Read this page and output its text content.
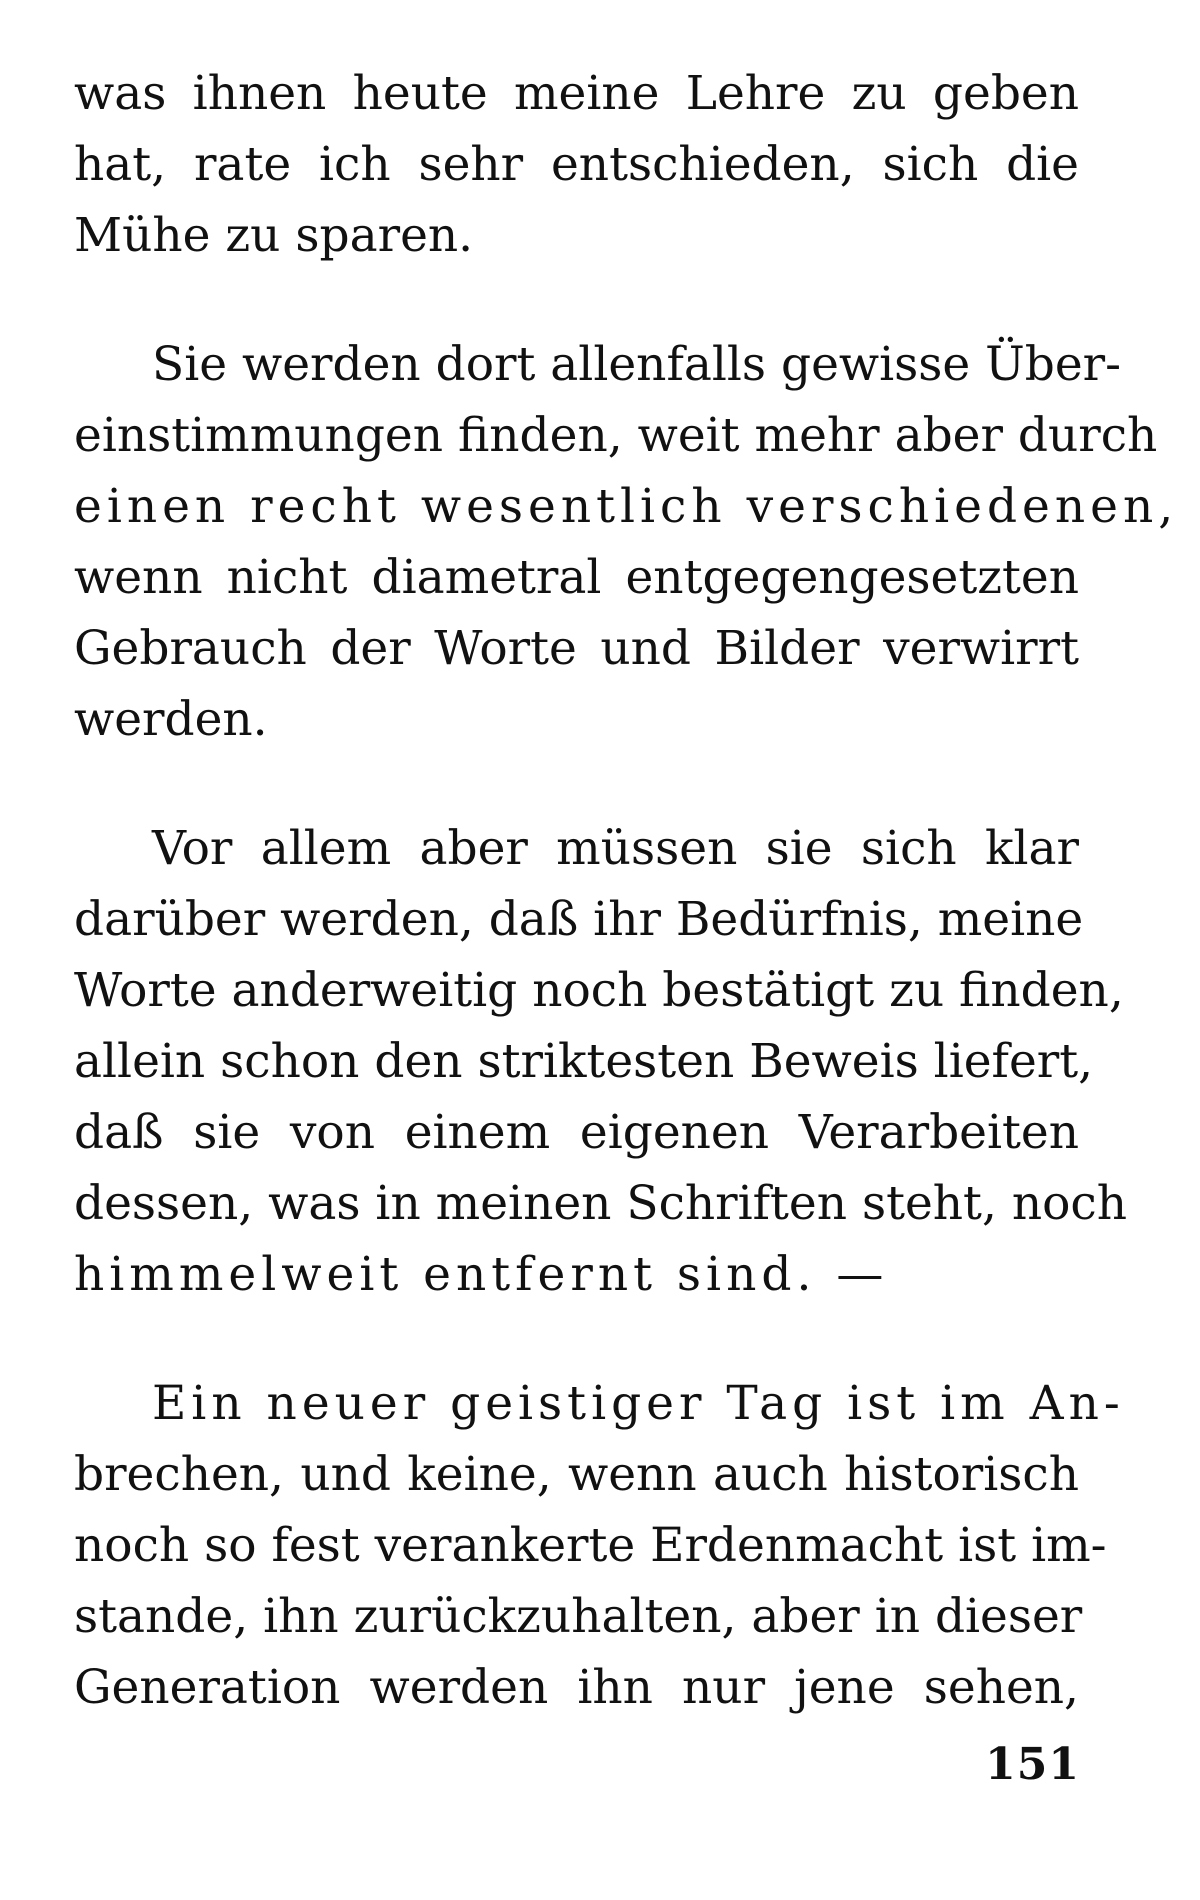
was ihnen heute meine Lehre zu geben
hat, rate ich sehr entschieden, sich die
Mühe zu sparen.

Sie werden dort allenfalls gewisse Über-
einstimmungen finden, weit mehr aber durch
einen recht wesentlich verschiedenen,
wenn nicht diametral entgegengesetzten
Gebrauch der Worte und Bilder verwirrt
werden.

Vor allem aber müssen sie sich klar
darüber werden, daß ihr Bedürfnis, meine
Worte anderweitig noch bestätigt zu finden,
allein schon den striktesten Beweis liefert,
daß sie von einem eigenen Verarbeiten
dessen, was in meinen Schriften steht, noch
himmelweit entfernt sind. —

Ein neuer geistiger Tag ist im An-
brechen, und keine, wenn auch historisch
noch so fest verankerte Erdenmacht ist im-
stande, ihn zurückzuhalten, aber in dieser
Generation werden ihn nur jene sehen,

151
